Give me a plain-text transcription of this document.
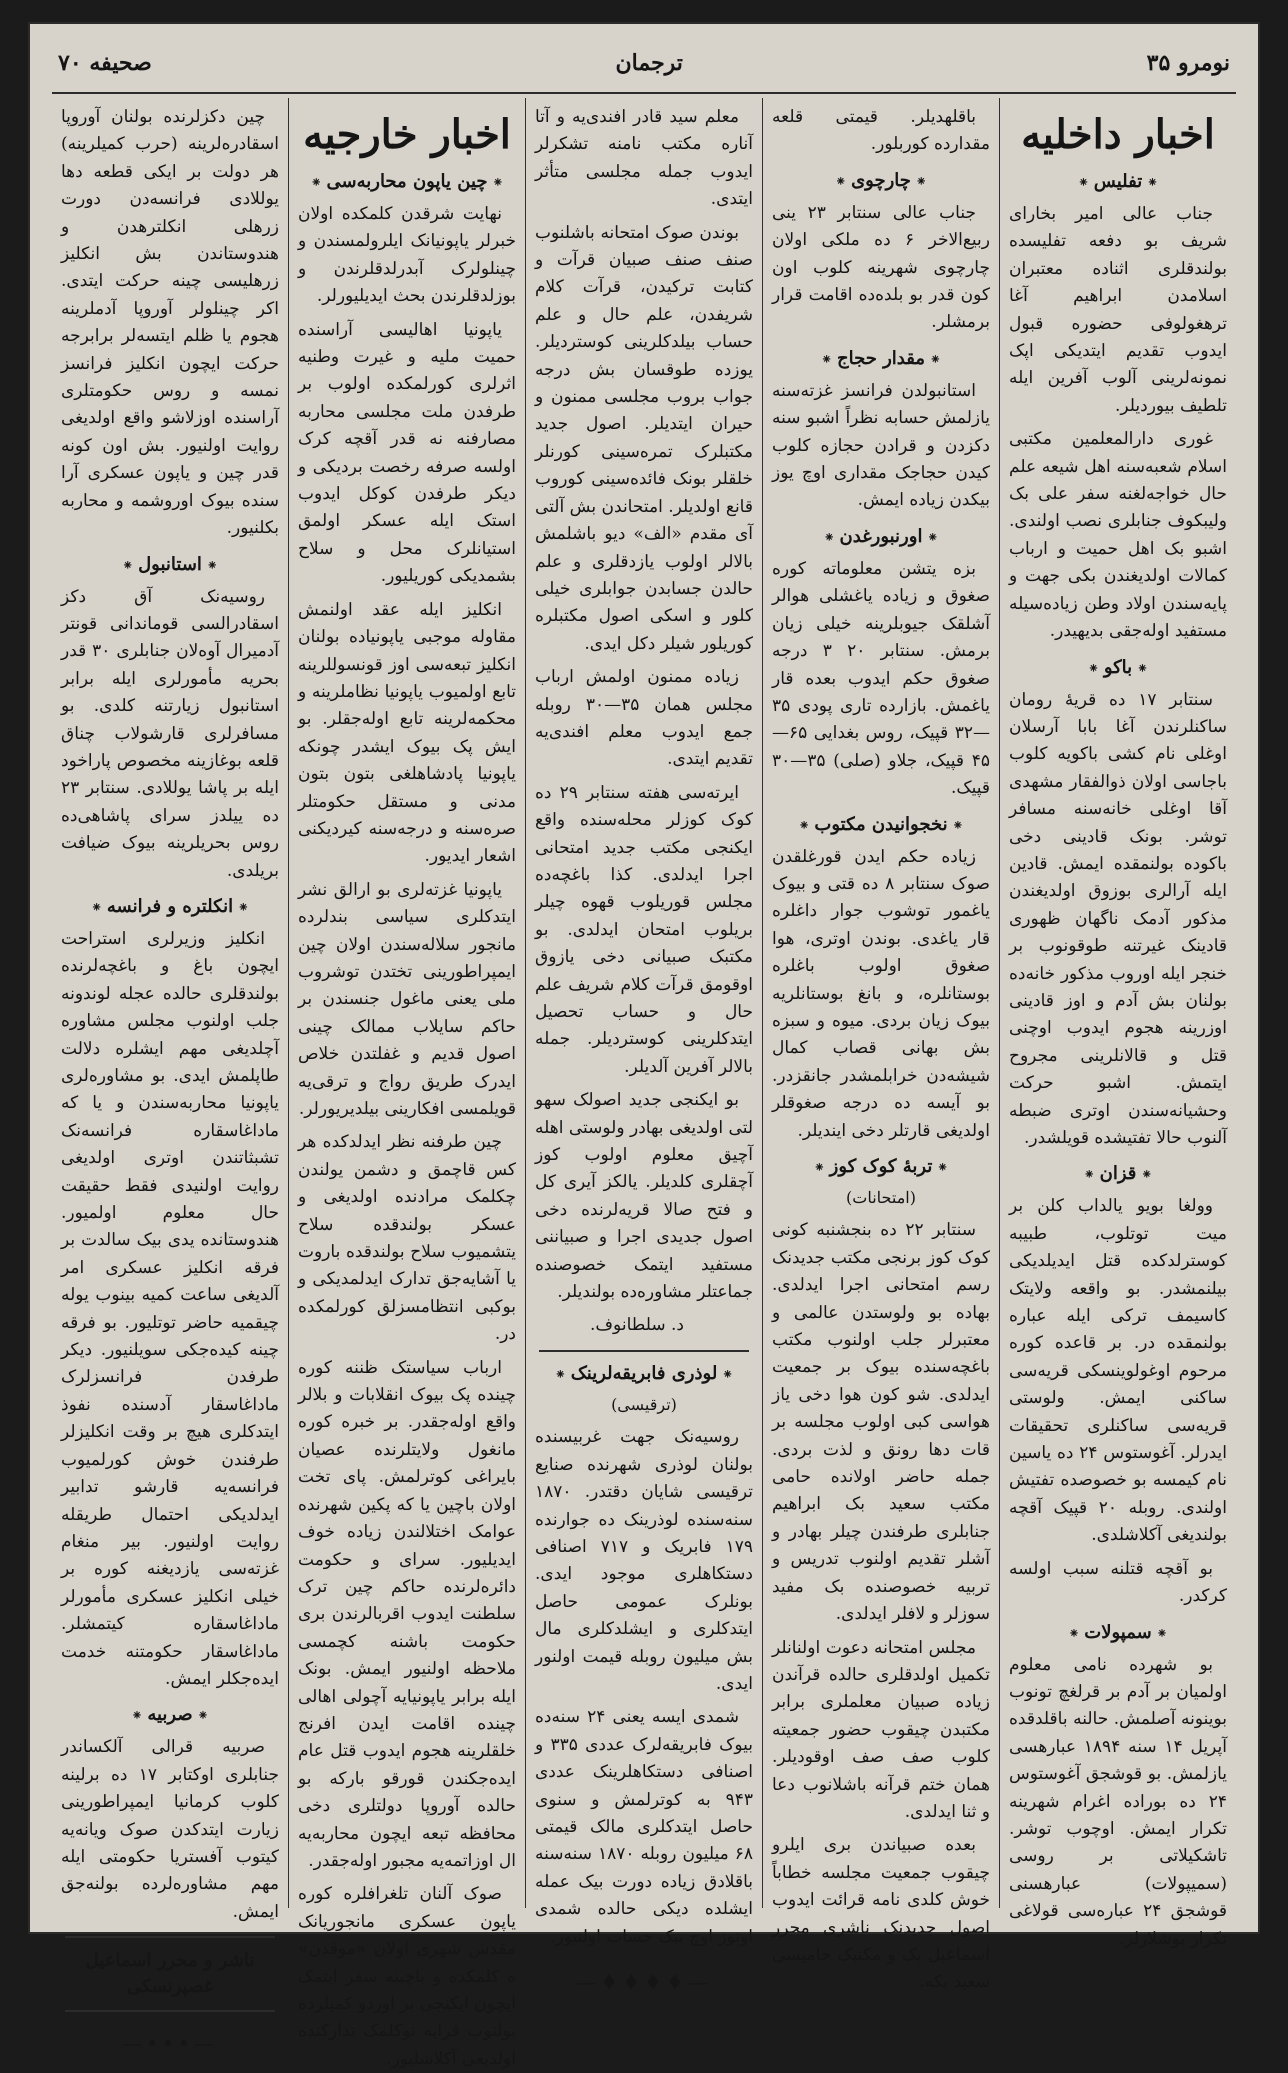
نومرو ۳۵
ترجمان
صحیفه ۷۰
اخبار داخلیه
⁕ تفلیس ⁕

جناب عالی امیر بخارای شریف بو دفعه تفلیسده بولندقلری اثناده معتبران اسلامدن ابراهیم آغا ترهغولوفی حضوره قبول ایدوب تقدیم ایتدیکی اپک نمونه‌لرینی آلوب آفرین ایله تلطیف بیوردیلر.

غوری دارالمعلمین مکتبی اسلام شعبه‌سنه اهل شیعه علم حال خواجه‌لغنه سفر علی بک ولیبکوف جنابلری نصب اولندی. اشبو بک اهل حمیت و ارباب کمالات اولدیغندن بکی جهت و پایه‌سندن اولاد وطن زیاده‌سیله مستفید اوله‌جقی بدیهیدر.

⁕ باکو ⁕

سنتابر ۱۷ ده قریهٔ رومان ساکنلرندن آغا بابا آرسلان اوغلی نام کشی باکویه کلوب باجاسی اولان ذوالفقار مشهدی آقا اوغلی خانه‌سنه مسافر توشر. بونک قادینی دخی باکوده بولنمقده ایمش. قادین ایله آرالری بوزوق اولدیغندن مذکور آدمک ناگهان ظهوری قادینک غیرتنه طوقونوب بر خنجر ایله اوروب مذکور خانه‌ده بولنان بش آدم و اوز قادینی اوزرینه هجوم ایدوب اوچنی قتل و قالانلرینی مجروح ایتمش. اشبو حرکت وحشیانه‌سندن اوتری ضبطه آلنوب حالا تفتیشده قویلشدر.

⁕ قزان ⁕

وولغا بویو یالداب کلن بر میت توتلوب، طبیبه کوسترلدکده قتل ایدیلدیکی بیلنمشدر. بو واقعه ولایتک کاسیمف ترکی ایله عباره بولنمقده در. بر قاعده کوره مرحوم اوغولوینسکی قریه‌سی ساکنی ایمش. ولوستی قریه‌سی ساکنلری تحقیقات ایدرلر. آغوستوس ۲۴ ده یاسین نام کیمسه بو خصوصده تفتیش اولندی. روبله ۲۰ قپیک آقچه بولندیغی آکلاشلدی.

بو آقچه قتلنه سبب اولسه کرکدر.

⁕ سمپولات ⁕

بو شهرده نامی معلوم اولمیان بر آدم بر قرلغچ تونوب بوینونه آصلمش. حالنه باقلدقده آپریل ۱۴ سنه ۱۸۹۴ عبارهسی یازلمش. بو قوشجق آغوستوس ۲۴ ده بوراده اغرام شهرینه تکرار ایمش. اوچوب توشر. تاشکیلاتی بر روسی (سمیپولات) عبارهسنی قوشجق ۲۴ عباره‌سی قولاغی تکرار بوشلارلر.

باقلهدیلر. قیمتی قلعه مقدارده کوربلور.

⁕ چارچوی ⁕

جناب عالی سنتابر ۲۳ ینی ربیع‌الاخر ۶ ده ملکی اولان چارچوی شهرینه کلوب اون کون قدر بو بلده‌ده اقامت قرار برمشلر.

⁕ مقدار حجاج ⁕

استانبولدن فرانسز غزته‌سنه یازلمش حسابه نظراً اشبو سنه دکزدن و قرادن حجازه کلوب کیدن حجاجک مقداری اوچ یوز بیکدن زیاده ایمش.

⁕ اورنبورغدن ⁕

بزه یتشن معلوماته کوره صغوق و زیاده یاغشلی هوالر آشلقک جیوبلرینه خیلی زیان برمش. سنتابر ۲۰ ۳ درجه صغوق حکم ایدوب بعده قار یاغمش. بازارده تاری پودی ۳۵—۳۲ قپیک، روس بغدایی ۶۵—۴۵ قپیک، جلاو (صلی) ۳۵—۳۰ قپیک.

⁕ نخجوانیدن مکتوب ⁕

زیاده حکم ایدن قورغلقدن صوک سنتابر ۸ ده قتی و بیوک یاغمور توشوب جوار داغلره قار یاغدی. بوندن اوتری، هوا صغوق اولوب باغلره بوستانلره، و بانغ بوستانلریه بیوک زیان بردی. میوه و سبزه بش بهانی قصاب کمال شیشه‌دن خرابلمشدر جانقزدر. بو آیسه ده درجه صغوقلر اولدیغی قارتلر دخی ایندیلر.

⁕ تربهٔ کوک کوز ⁕
(امتحانات)

سنتابر ۲۲ ده بنجشنبه کونی کوک کوز برنجی مکتب جدیدنک رسم امتحانی اجرا ایدلدی. بهاده بو ولوستدن عالمی و معتبرلر جلب اولنوب مکتب باغچه‌سنده بیوک بر جمعیت ایدلدی. شو کون هوا دخی یاز هواسی کبی اولوب مجلسه بر قات دها رونق و لذت بردی. جمله حاضر اولانده حامی مکتب سعید بک ابراهیم جنابلری طرفندن چیلر بهادر و آشلر تقدیم اولنوب تدریس و تربیه خصوصنده بک مفید سوزلر و لافلر ایدلدی.

مجلس امتحانه دعوت اولنانلر تکمیل اولدقلری حالده قرآندن زیاده صبیان معلملری برابر مکتبدن چیقوب حضور جمعیته کلوب صف صف اوقودیلر. همان ختم قرآنه باشلانوب دعا و ثنا ایدلدی.

بعده صبیاندن بری ایلرو چیقوب جمعیت مجلسه خطاباً خوش کلدی نامه قرائت ایدوب اصول جدیدنک ناشری محرر اسماعیل بک و مکتبک حامیسی سعید بکه.

معلم سید قادر افندی‌یه و آتا آناره مکتب نامنه تشکرلر ایدوب جمله مجلسی متأثر ایتدی.

بوندن صوک امتحانه باشلنوب صنف صنف صبیان قرآت و کتابت ترکیدن، قرآت کلام شریفدن، علم حال و علم حساب بیلدکلرینی کوستردیلر. یوزده طوقسان بش درجه جواب بروب مجلسی ممنون و حیران ایتدیلر. اصول جدید مکتبلرک تمره‌سینی کورنلر خلقلر بونک فائده‌سینی کوروب قانع اولدیلر. امتحاندن بش آلتی آی مقدم «الف» دیو باشلمش بالالر اولوب یازدقلری و علم حالدن جسابدن جوابلری خیلی کلور و اسکی اصول مکتبلره کوریلور شیلر دکل ایدی.

زیاده ممنون اولمش ارباب مجلس همان ۳۵—۳۰ روبله جمع ایدوب معلم افندی‌یه تقدیم ایتدی.

ایرته‌سی هفته سنتابر ۲۹ ده کوک کوزلر محله‌سنده واقع ایکنجی مکتب جدید امتحانی اجرا ایدلدی. کذا باغچه‌ده مجلس قوریلوب قهوه چیلر بریلوب امتحان ایدلدی. بو مکتبک صبیانی دخی یازوق اوقومق قرآت کلام شریف علم حال و حساب تحصیل ایتدکلرینی کوستردیلر. جمله بالالر آفرین آلدیلر.

بو ایکنجی جدید اصولک سهو لتی اولدیغی بهادر ولوستی اهله آچیق معلوم اولوب کوز آچقلری کلدیلر. یالکز آیری کل و فتح صالا قریه‌لرنده دخی اصول جدیدی اجرا و صبیاننی مستفید ایتمک خصوصنده جماعتلر مشاوره‌ده بولندیلر.

د. سلطانوف.

⁕ لوذری فابریقه‌لرینک ⁕
(ترقیسی)

روسیه‌نک جهت غربیسنده بولنان لوذری شهرنده صنایع ترقیسی شایان دقتدر. ۱۸۷۰ سنه‌سنده لوذرینک ده جوارنده ۱۷۹ فابریک و ۷۱۷ اصنافی دستکاهلری موجود ایدی. بونلرک عمومی حاصل ایتدکلری و ایشلدکلری مال بش میلیون روبله قیمت اولنور ایدی.

شمدی ایسه یعنی ۲۴ سنه‌ده بیوک فابریقه‌لرک عددی ۳۳۵ و اصنافی دستکاهلرینک عددی ۹۴۳ به کوترلمش و سنوی حاصل ایتدکلری مالک قیمتی ۶۸ میلیون روبله ۱۸۷۰ سنه‌سنه باقلادق زیاده دورت بیک عمله ایشلده دیکی حالده شمدی اوتوز اوچ بیک حساب اولنیور.

—♦♦♦♦—
اخبار خارجیه
⁕ چین یاپون محاربه‌سی ⁕

نهایت شرقدن کلمکده اولان خبرلر یاپونیانک ایلرولمسندن و چینلولرک آبدرلدقلرندن و بوزلدقلرندن بحث ایدیلیورلر.

یاپونیا اهالیسی آراسنده حمیت ملیه و غیرت وطنیه اثرلری کورلمکده اولوب بر طرفدن ملت مجلسی محاربه مصارفنه نه قدر آقچه کرک اولسه صرفه رخصت بردیکی و دیکر طرفدن کوکل ایدوب استک ایله عسکر اولمق استیانلرک محل و سلاح بشمدیکی کوریلیور.

انکلیز ایله عقد اولنمش مقاوله موجبی یاپونیاده بولنان انکلیز تبعه‌سی اوز قونسوللرینه تابع اولمیوب یاپونیا نظاملرینه و محکمه‌لرینه تابع اوله‌جقلر. بو ایش پک بیوک ایشدر چونکه یاپونیا پادشاهلغی بتون بتون مدنی و مستقل حکومتلر صره‌سنه و درجه‌سنه کیردیکنی اشعار ایدیور.

یاپونیا غزته‌لری بو ارالق نشر ایتدکلری سیاسی بندلرده مانجور سلاله‌سندن اولان چین ایمپراطورینی تختدن توشروب ملی یعنی ماغول جنسندن بر حاکم سایلاب ممالک چینی اصول قدیم و غفلتدن خلاص ایدرک طریق رواج و ترقی‌یه قویلمسی افکارینی بیلدیریورلر.

چین طرفنه نظر ایدلدکده هر کس قاچمق و دشمن یولندن چکلمک مرادنده اولدیغی و عسکر بولندقده سلاح یتشمیوب سلاح بولندقده باروت یا آشایه‌جق تدارک ایدلمدیکی و بوکبی انتظامسزلق کورلمکده در.

ارباب سیاستک ظننه کوره چینده پک بیوک انقلابات و بلالر واقع اوله‌جقدر. بر خبره کوره مانغول ولایتلرنده عصیان بایراغی کوترلمش. پای تخت اولان باچین یا که پکین شهرنده عوامک اختلالندن زیاده خوف ایدیلیور. سرای و حکومت دائره‌لرنده حاکم چین ترک سلطنت ایدوب اقربالرندن بری حکومت باشنه کچمسی ملاحظه اولنیور ایمش. بونک ایله برابر یاپونیایه آچولی اهالی چینده اقامت ایدن افرنج خلقلرینه هجوم ایدوب قتل عام ایده‌جکندن قورقو بارکه بو حالده آوروپا دولتلری دخی محافظه تبعه ایچون محاربه‌یه ال اوزاتمه‌یه مجبور اوله‌جقدر.

صوک آلنان تلغرافلره کوره یاپون عسکری مانجوریانک مقدس شهری اولان «موقدن» ه کلمکده و باچینه سفر ایتمک ایچون ایکنجی بر اوردو کمیلرده بولنوب قرایه توکلمک تدارکنده اولدیغی آکلاشلیور.

چین دکزلرنده بولنان آوروپا اسقادره‌لرینه (حرب کمیلرینه) هر دولت بر ایکی قطعه دها یوللادی فرانسه‌دن دورت زرهلی انکلترهدن و هندوستاندن بش انکلیز زرهلیسی چینه حرکت ایتدی. اکر چینلولر آوروپا آدملرینه هجوم یا ظلم ایتسه‌لر برابرجه حرکت ایچون انکلیز فرانسز نمسه و روس حکومتلری آراسنده اوزلاشو واقع اولدیغی روایت اولنیور. بش اون کونه قدر چین و یاپون عسکری آرا سنده بیوک اوروشمه و محاربه بکلنیور.

⁕ استانبول ⁕

روسیه‌نک آق دکز اسقادرالسی قوماندانی قونتر آدمیرال آوه‌لان جنابلری ۳۰ قدر بحریه مأمورلری ایله برابر استانبول زیارتنه کلدی. بو مسافرلری قارشولاب چناق قلعه بوغازینه مخصوص پاراخود ایله بر پاشا یوللادی. سنتابر ۲۳ ده ییلدز سرای پاشاهی‌ده روس بحریلرینه بیوک ضیافت بریلدی.

⁕ انکلتره و فرانسه ⁕

انکلیز وزیرلری استراحت ایچون باغ و باغچه‌لرنده بولندقلری حالده عجله لوندونه جلب اولنوب مجلس مشاوره آچلدیغی مهم ایشلره دلالت طاپلمش ایدی. بو مشاوره‌لری یاپونیا محاربه‌سندن و یا که ماداغاسقاره فرانسه‌نک تشبثاتندن اوتری اولدیغی روایت اولنیدی فقط حقیقت حال معلوم اولمیور. هندوستانده یدی بیک سالدت بر فرقه انکلیز عسکری امر آلدیغی ساعت کمیه بینوب یوله چیقمیه حاضر توتلیور. بو فرقه چینه کیده‌جکی سویلنیور. دیکر طرفدن فرانسزلرک ماداغاسقار آدسنده نفوذ ایتدکلری هیچ بر وقت انکلیزلر طرفندن خوش کورلمیوب فرانسه‌یه قارشو تدابیر ایدلدیکی احتمال طریقله روایت اولنیور. بیر منغام غزته‌سی یازدیغنه کوره بر خیلی انکلیز عسکری مأمورلر ماداغاسقاره کیتمشلر. ماداغاسقار حکومتنه خدمت ایده‌جکلر ایمش.

⁕ صربیه ⁕

صربیه قرالی آلکساندر جنابلری اوکتابر ۱۷ ده برلینه کلوب کرمانیا ایمپراطورینی زیارت ایتدکدن صوک ویانه‌یه کیتوب آفستریا حکومتی ایله مهم مشاوره‌لرده بولنه‌جق ایمش.

ناشر و محرر اسماعیل غصپرنسکی
—•••—
